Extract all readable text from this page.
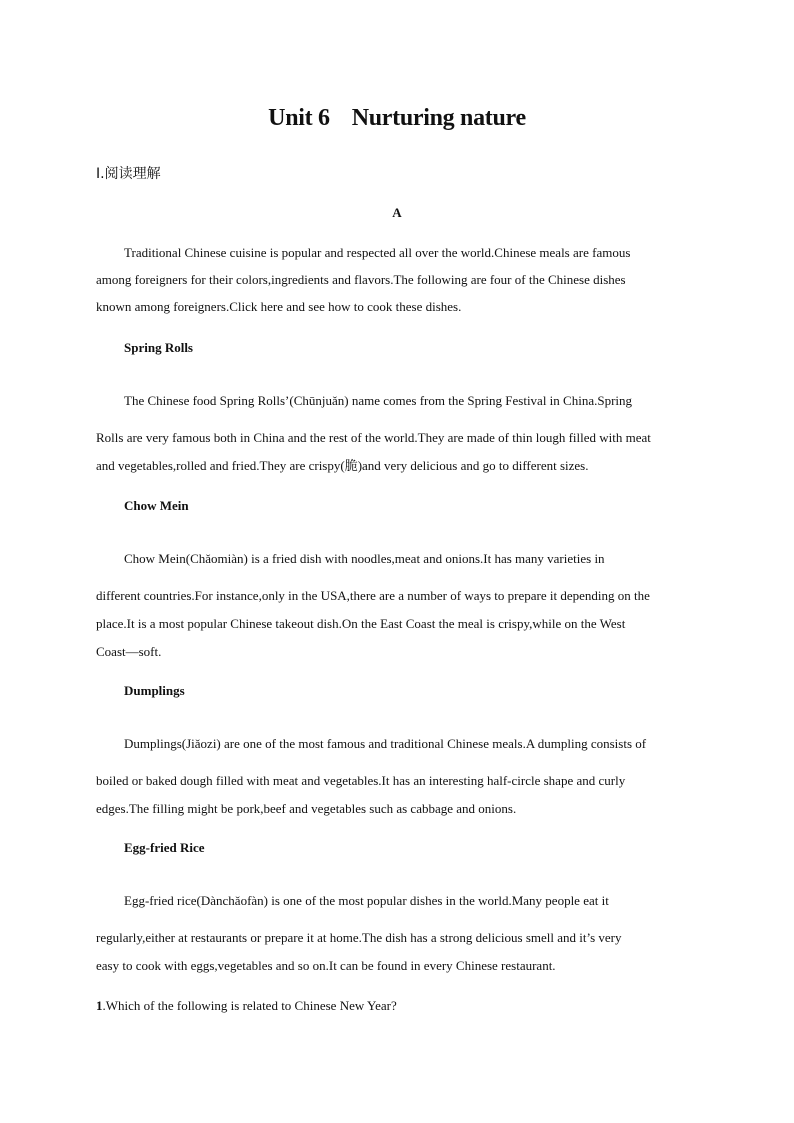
Unit 6 Nurturing nature
Ⅰ.阅读理解
A
Traditional Chinese cuisine is popular and respected all over the world.Chinese meals are famous
among foreigners for their colors,ingredients and flavors.The following are four of the Chinese dishes
known among foreigners.Click here and see how to cook these dishes.
Spring Rolls
The Chinese food Spring Rolls’(Chūnjuǎn) name comes from the Spring Festival in China.Spring
Rolls are very famous both in China and the rest of the world.They are made of thin lough filled with meat
and vegetables,rolled and fried.They are crispy(脆)and very delicious and go to different sizes.
Chow Mein
Chow Mein(Chǎomiàn) is a fried dish with noodles,meat and onions.It has many varieties in
different countries.For instance,only in the USA,there are a number of ways to prepare it depending on the
place.It is a most popular Chinese takeout dish.On the East Coast the meal is crispy,while on the West
Coast—soft.
Dumplings
Dumplings(Jiǎozi) are one of the most famous and traditional Chinese meals.A dumpling consists of
boiled or baked dough filled with meat and vegetables.It has an interesting half-circle shape and curly
edges.The filling might be pork,beef and vegetables such as cabbage and onions.
Egg-fried Rice
Egg-fried rice(Dànchǎofàn) is one of the most popular dishes in the world.Many people eat it
regularly,either at restaurants or prepare it at home.The dish has a strong delicious smell and it’s very
easy to cook with eggs,vegetables and so on.It can be found in every Chinese restaurant.
1.Which of the following is related to Chinese New Year?
